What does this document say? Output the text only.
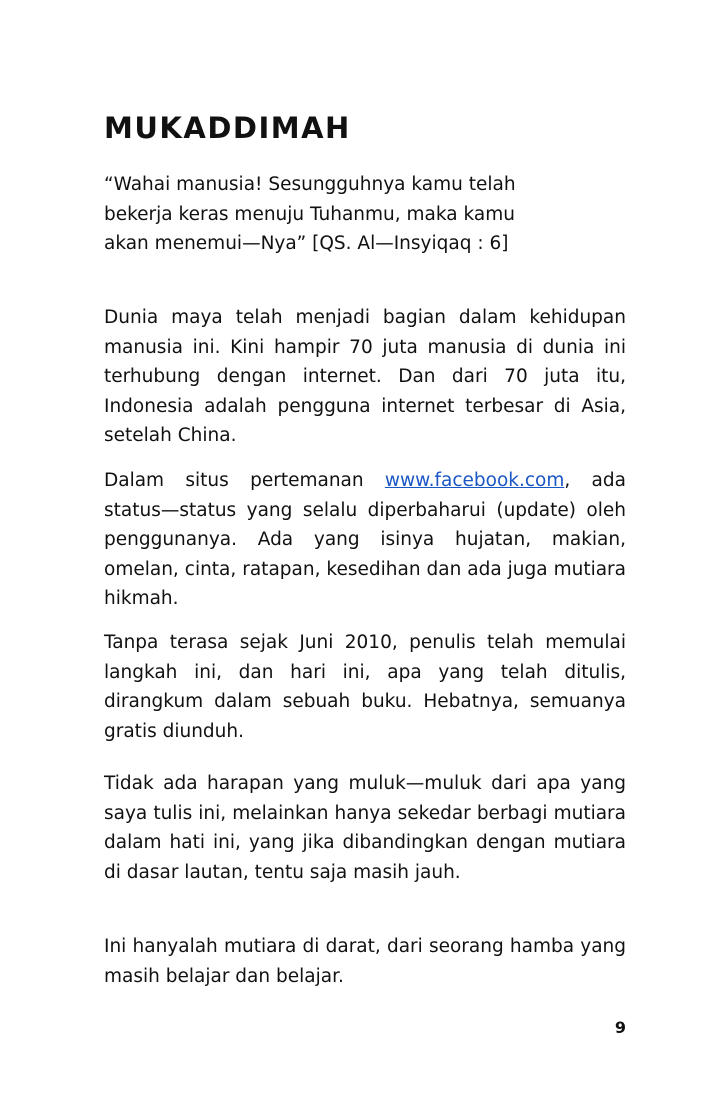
MUKADDIMAH

“Wahai manusia! Sesungguhnya kamu telah
bekerja keras menuju Tuhanmu, maka kamu
akan menemui—Nya” [QS. Al—Insyiqaq : 6]

Dunia maya telah menjadi bagian dalam kehidupan manusia ini. Kini hampir 70 juta manusia di dunia ini terhubung dengan internet. Dan dari 70 juta itu, Indonesia adalah pengguna internet terbesar di Asia, setelah China.

Dalam situs pertemanan www.facebook.com, ada status—status yang selalu diperbaharui (update) oleh penggunanya. Ada yang isinya hujatan, makian, omelan, cinta, ratapan, kesedihan dan ada juga mutiara hikmah.

Tanpa terasa sejak Juni 2010, penulis telah memulai langkah ini, dan hari ini, apa yang telah ditulis, dirangkum dalam sebuah buku. Hebatnya, semuanya gratis diunduh.

Tidak ada harapan yang muluk—muluk dari apa yang saya tulis ini, melainkan hanya sekedar berbagi mutiara dalam hati ini, yang jika dibandingkan dengan mutiara di dasar lautan, tentu saja masih jauh.

Ini hanyalah mutiara di darat, dari seorang hamba yang masih belajar dan belajar.

9
